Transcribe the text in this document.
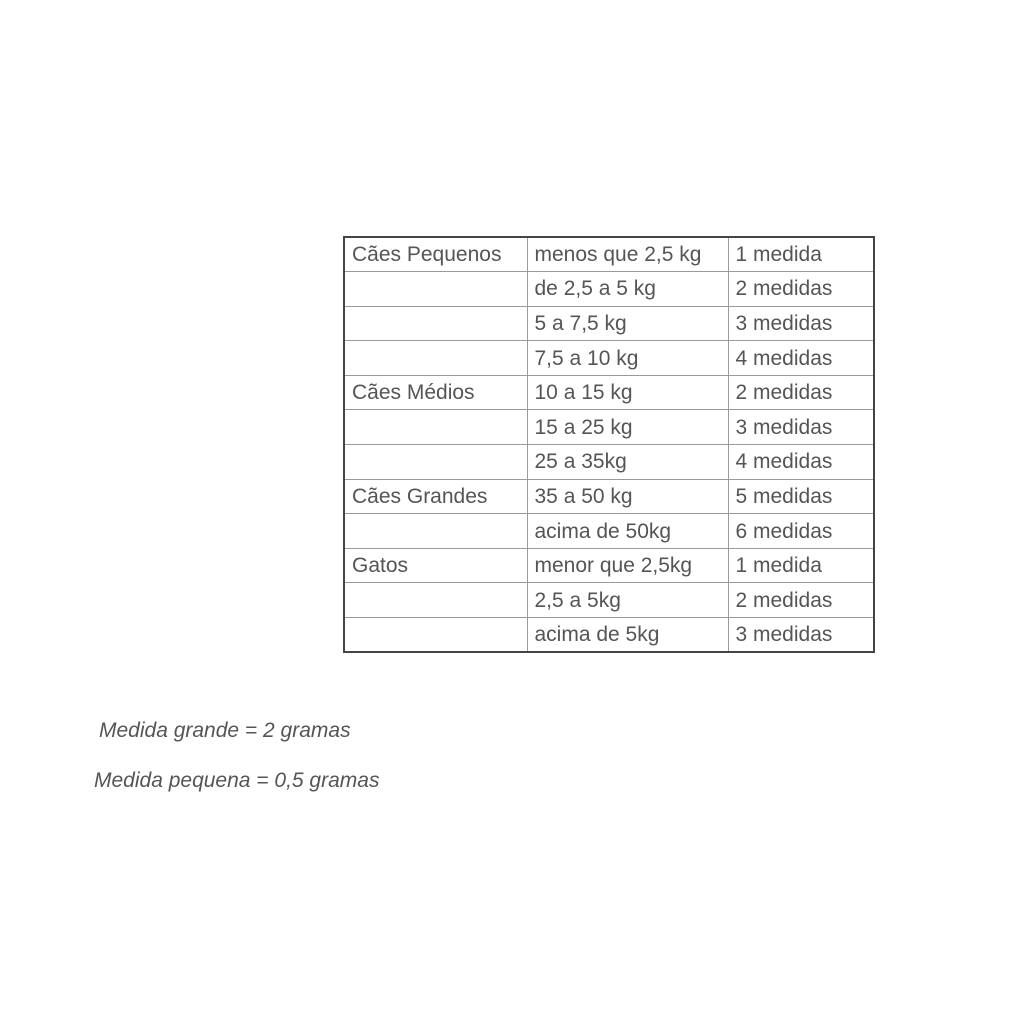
Cães Pequenos	menos que 2,5 kg	1 medida
	de 2,5 a 5 kg	2 medidas
	5 a 7,5 kg	3 medidas
	7,5 a 10 kg	4 medidas
Cães Médios	10 a 15 kg	2 medidas
	15 a 25 kg	3 medidas
	25 a 35kg	4 medidas
Cães Grandes	35 a 50 kg	5 medidas
	acima de 50kg	6 medidas
Gatos	menor que 2,5kg	1 medida
	2,5 a 5kg	2 medidas
	acima de 5kg	3 medidas
Medida grande = 2 gramas
Medida pequena = 0,5 gramas
